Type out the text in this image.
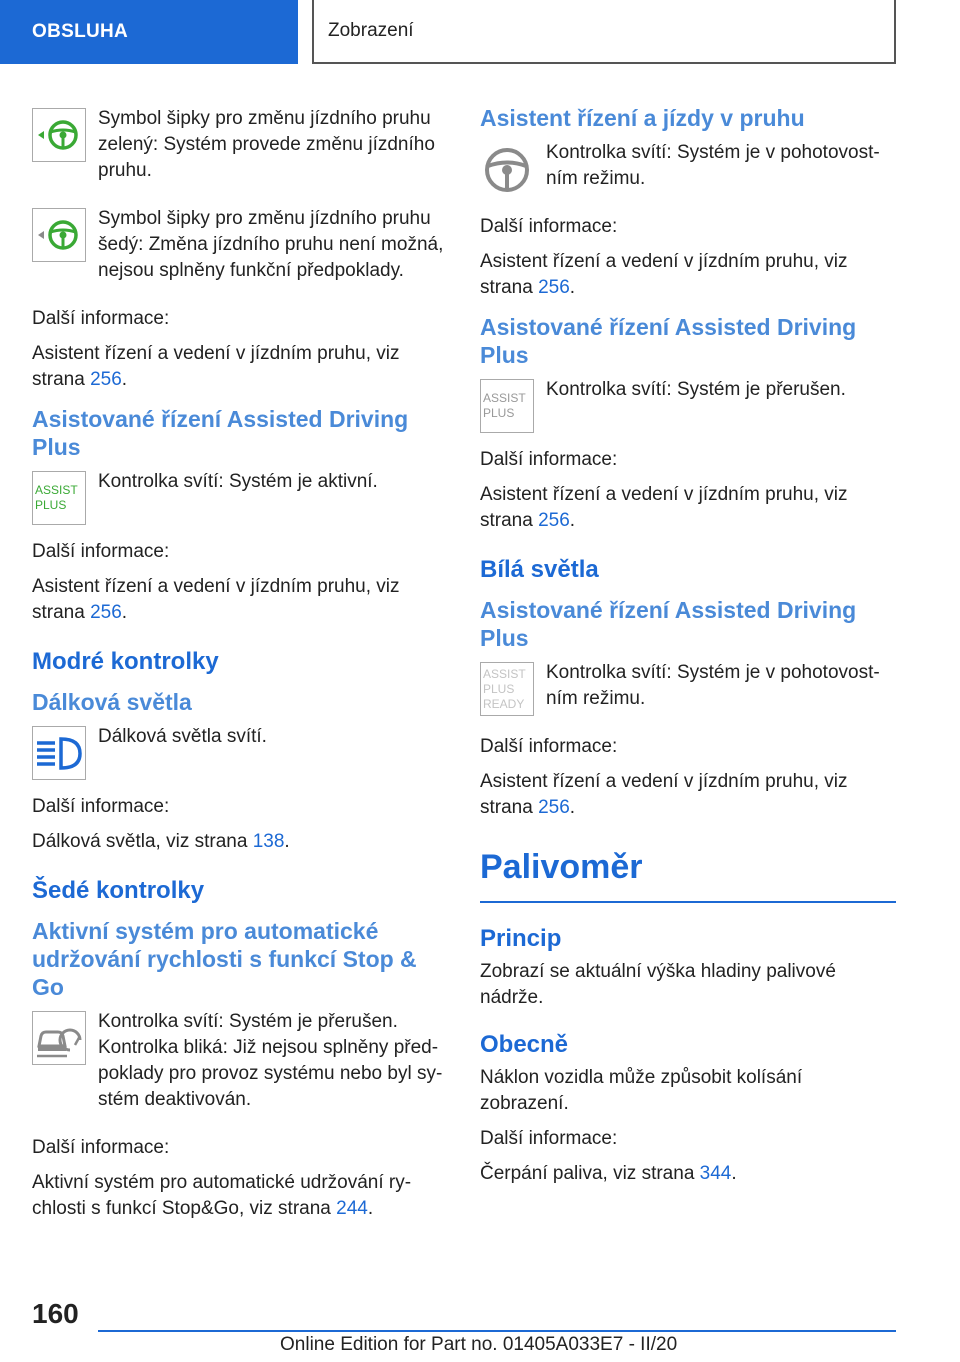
OBSLUHA	Zobrazení

Symbol šipky pro změnu jízdního pruhu zelený: Systém provede změnu jízdního pruhu.

Symbol šipky pro změnu jízdního pruhu šedý: Změna jízdního pruhu není možná, nejsou splněny funkční předpoklady.

Další informace:

Asistent řízení a vedení v jízdním pruhu, viz strana 256.

Asistované řízení Assisted Driving Plus
ASSIST
PLUS

Kontrolka svítí: Systém je aktivní.

Další informace:

Asistent řízení a vedení v jízdním pruhu, viz strana 256.

Modré kontrolky
Dálková světla

Dálková světla svítí.

Další informace:

Dálková světla, viz strana 138.

Šedé kontrolky
Aktivní systém pro automatické udržování rychlosti s funkcí Stop & Go

Kontrolka svítí: Systém je přerušen.

Kontrolka bliká: Již nejsou splněny předpoklady pro provoz systému nebo byl systém deaktivován.

Další informace:

Aktivní systém pro automatické udržování rychlosti s funkcí Stop&Go, viz strana 244.

Asistent řízení a jízdy v pruhu

Kontrolka svítí: Systém je v pohotovostním režimu.

Další informace:

Asistent řízení a vedení v jízdním pruhu, viz strana 256.

Asistované řízení Assisted Driving Plus
ASSIST
PLUS

Kontrolka svítí: Systém je přerušen.

Další informace:

Asistent řízení a vedení v jízdním pruhu, viz strana 256.

Bílá světla
Asistované řízení Assisted Driving Plus
ASSIST
PLUS
READY

Kontrolka svítí: Systém je v pohotovostním režimu.

Další informace:

Asistent řízení a vedení v jízdním pruhu, viz strana 256.

Palivoměr
Princip

Zobrazí se aktuální výška hladiny palivové nádrže.

Obecně

Náklon vozidla může způsobit kolísání zobrazení.

Další informace:

Čerpání paliva, viz strana 344.

160
Online Edition for Part no. 01405A033E7 - II/20
